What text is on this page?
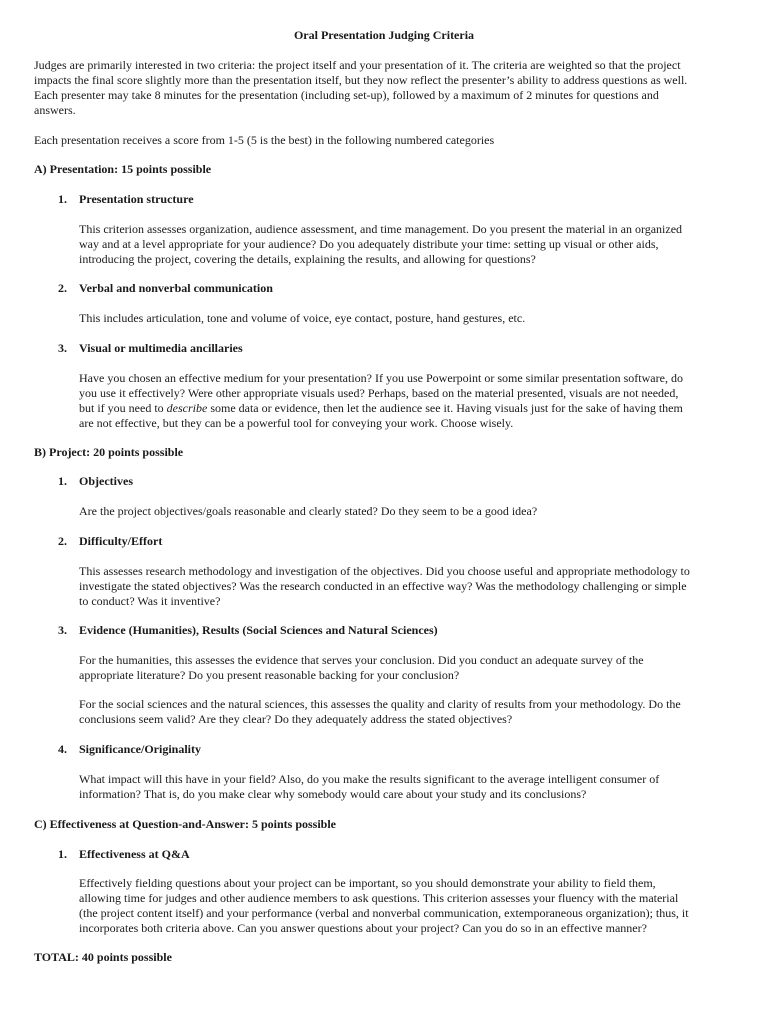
Oral Presentation Judging Criteria
Judges are primarily interested in two criteria: the project itself and your presentation of it. The criteria are weighted so that the project
impacts the final score slightly more than the presentation itself, but they now reflect the presenter’s ability to address questions as well.
Each presenter may take 8 minutes for the presentation (including set-up), followed by a maximum of 2 minutes for questions and
answers.
Each presentation receives a score from 1-5 (5 is the best) in the following numbered categories
A) Presentation: 15 points possible
1. Presentation structure
This criterion assesses organization, audience assessment, and time management. Do you present the material in an organized
way and at a level appropriate for your audience? Do you adequately distribute your time: setting up visual or other aids,
introducing the project, covering the details, explaining the results, and allowing for questions?
2. Verbal and nonverbal communication
This includes articulation, tone and volume of voice, eye contact, posture, hand gestures, etc.
3. Visual or multimedia ancillaries
Have you chosen an effective medium for your presentation? If you use Powerpoint or some similar presentation software, do
you use it effectively? Were other appropriate visuals used? Perhaps, based on the material presented, visuals are not needed,
but if you need to describe some data or evidence, then let the audience see it. Having visuals just for the sake of having them
are not effective, but they can be a powerful tool for conveying your work. Choose wisely.
B) Project: 20 points possible
1. Objectives
Are the project objectives/goals reasonable and clearly stated? Do they seem to be a good idea?
2. Difficulty/Effort
This assesses research methodology and investigation of the objectives. Did you choose useful and appropriate methodology to
investigate the stated objectives? Was the research conducted in an effective way? Was the methodology challenging or simple
to conduct? Was it inventive?
3. Evidence (Humanities), Results (Social Sciences and Natural Sciences)
For the humanities, this assesses the evidence that serves your conclusion. Did you conduct an adequate survey of the
appropriate literature? Do you present reasonable backing for your conclusion?
For the social sciences and the natural sciences, this assesses the quality and clarity of results from your methodology. Do the
conclusions seem valid? Are they clear? Do they adequately address the stated objectives?
4. Significance/Originality
What impact will this have in your field? Also, do you make the results significant to the average intelligent consumer of
information? That is, do you make clear why somebody would care about your study and its conclusions?
C) Effectiveness at Question-and-Answer: 5 points possible
1. Effectiveness at Q&A
Effectively fielding questions about your project can be important, so you should demonstrate your ability to field them,
allowing time for judges and other audience members to ask questions. This criterion assesses your fluency with the material
(the project content itself) and your performance (verbal and nonverbal communication, extemporaneous organization); thus, it
incorporates both criteria above. Can you answer questions about your project? Can you do so in an effective manner?
TOTAL: 40 points possible
